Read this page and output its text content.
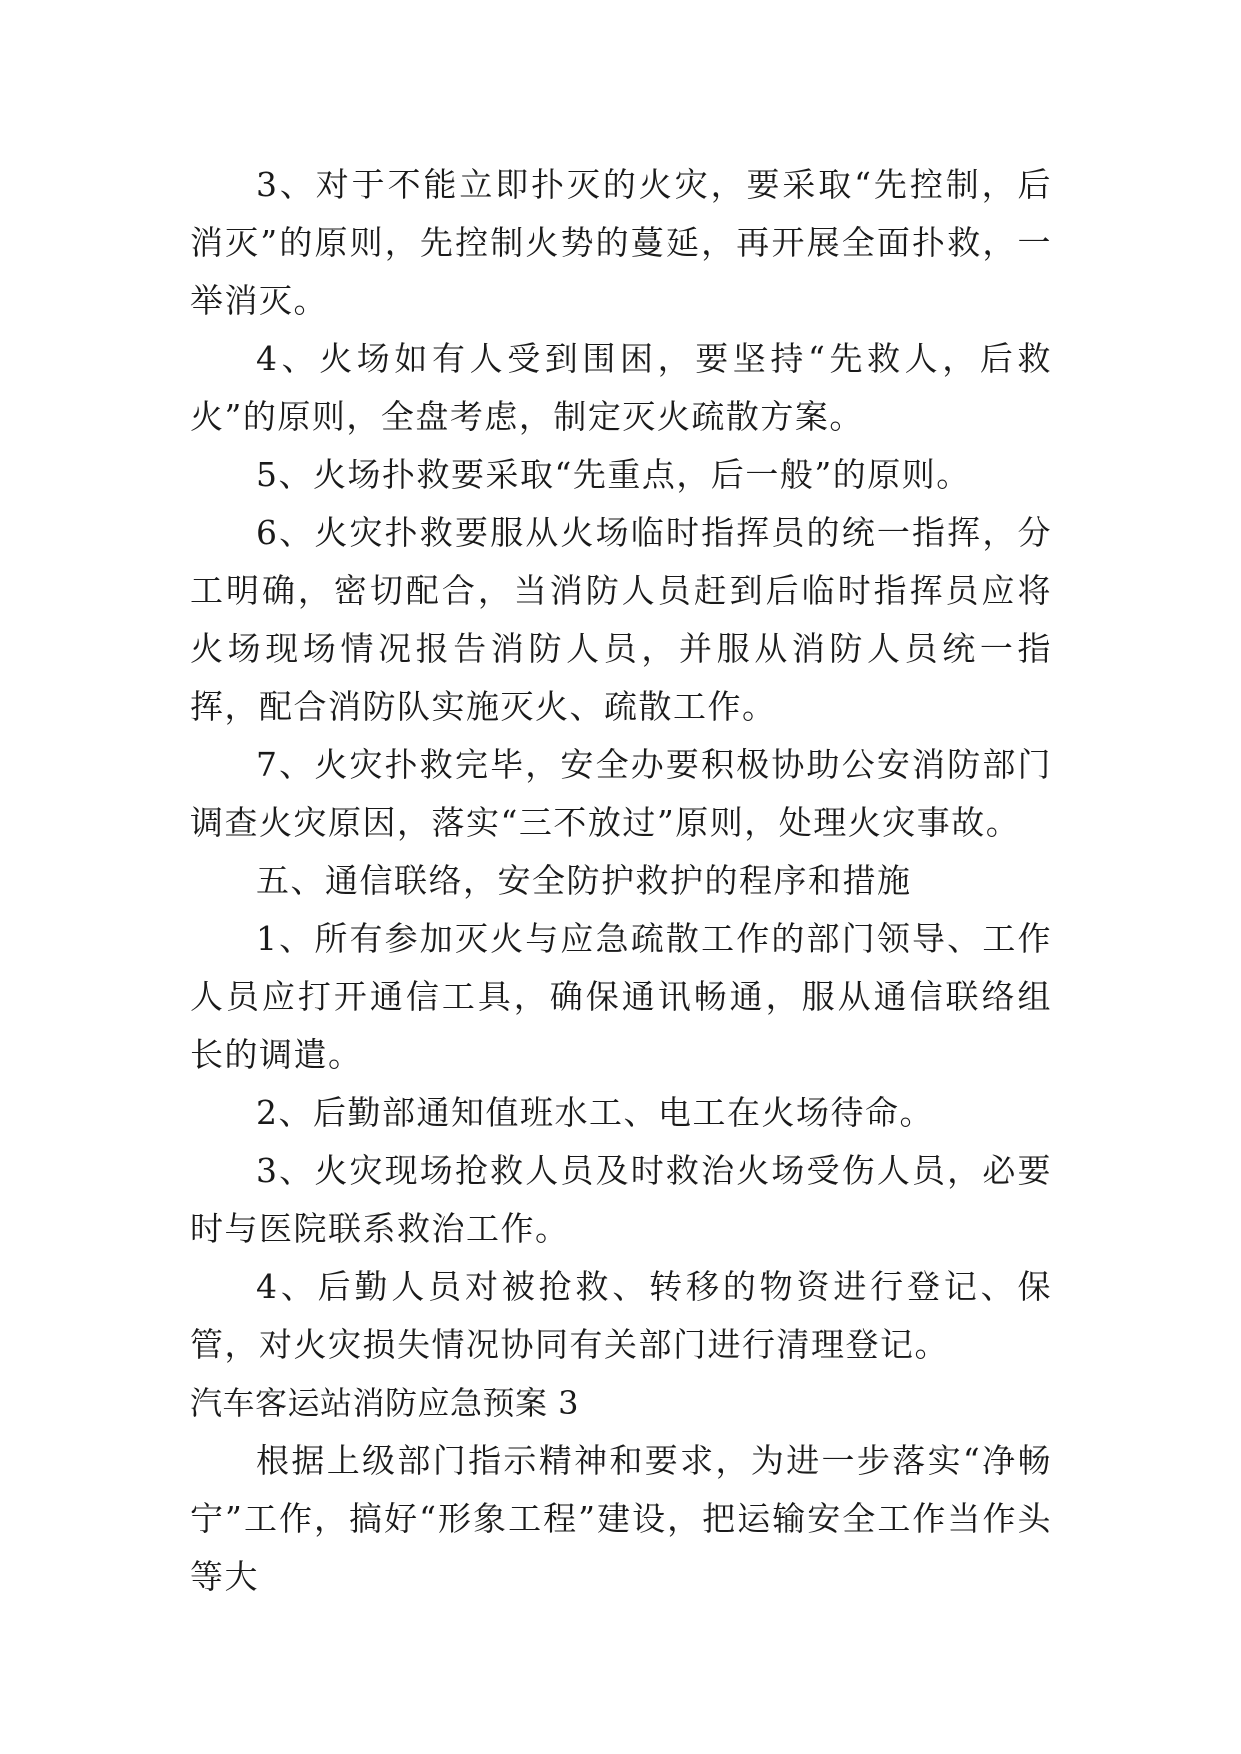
3、对于不能立即扑灭的火灾，要采取“先控制，后消灭”的原则，先控制火势的蔓延，再开展全面扑救，一举消灭。

4、火场如有人受到围困，要坚持“先救人，后救火”的原则，全盘考虑，制定灭火疏散方案。

5、火场扑救要采取“先重点，后一般”的原则。

6、火灾扑救要服从火场临时指挥员的统一指挥，分工明确，密切配合，当消防人员赶到后临时指挥员应将火场现场情况报告消防人员，并服从消防人员统一指挥，配合消防队实施灭火、疏散工作。

7、火灾扑救完毕，安全办要积极协助公安消防部门调查火灾原因，落实“三不放过”原则，处理火灾事故。

五、通信联络，安全防护救护的程序和措施

1、所有参加灭火与应急疏散工作的部门领导、工作人员应打开通信工具，确保通讯畅通，服从通信联络组长的调遣。

2、后勤部通知值班水工、电工在火场待命。

3、火灾现场抢救人员及时救治火场受伤人员，必要时与医院联系救治工作。

4、后勤人员对被抢救、转移的物资进行登记、保管，对火灾损失情况协同有关部门进行清理登记。

汽车客运站消防应急预案 3

根据上级部门指示精神和要求，为进一步落实“净畅宁”工作，搞好“形象工程”建设，把运输安全工作当作头等大
